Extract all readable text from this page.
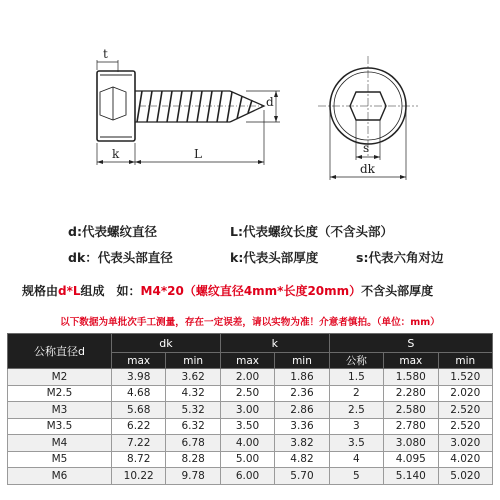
t
k	L
d
s
dk
d:代表螺纹直径	L:代表螺纹长度（不含头部）
dk：代表头部直径	k:代表头部厚度	s:代表六角对边
规格由d*L组成　如：M4*20（螺纹直径4mm*长度20mm）不含头部厚度
以下数据为单批次手工测量，存在一定误差，请以实物为准！介意者慎拍。（单位：mm）
公称直径d	dk		k		S		
	max	min	max	min	公称	max	min
M2	3.98	3.62	2.00	1.86	1.5	1.580	1.520
M2.5	4.68	4.32	2.50	2.36	2	2.280	2.020
M3	5.68	5.32	3.00	2.86	2.5	2.580	2.520
M3.5	6.22	6.32	3.50	3.36	3	2.780	2.520
M4	7.22	6.78	4.00	3.82	3.5	3.080	3.020
M5	8.72	8.28	5.00	4.82	4	4.095	4.020
M6	10.22	9.78	6.00	5.70	5	5.140	5.020
